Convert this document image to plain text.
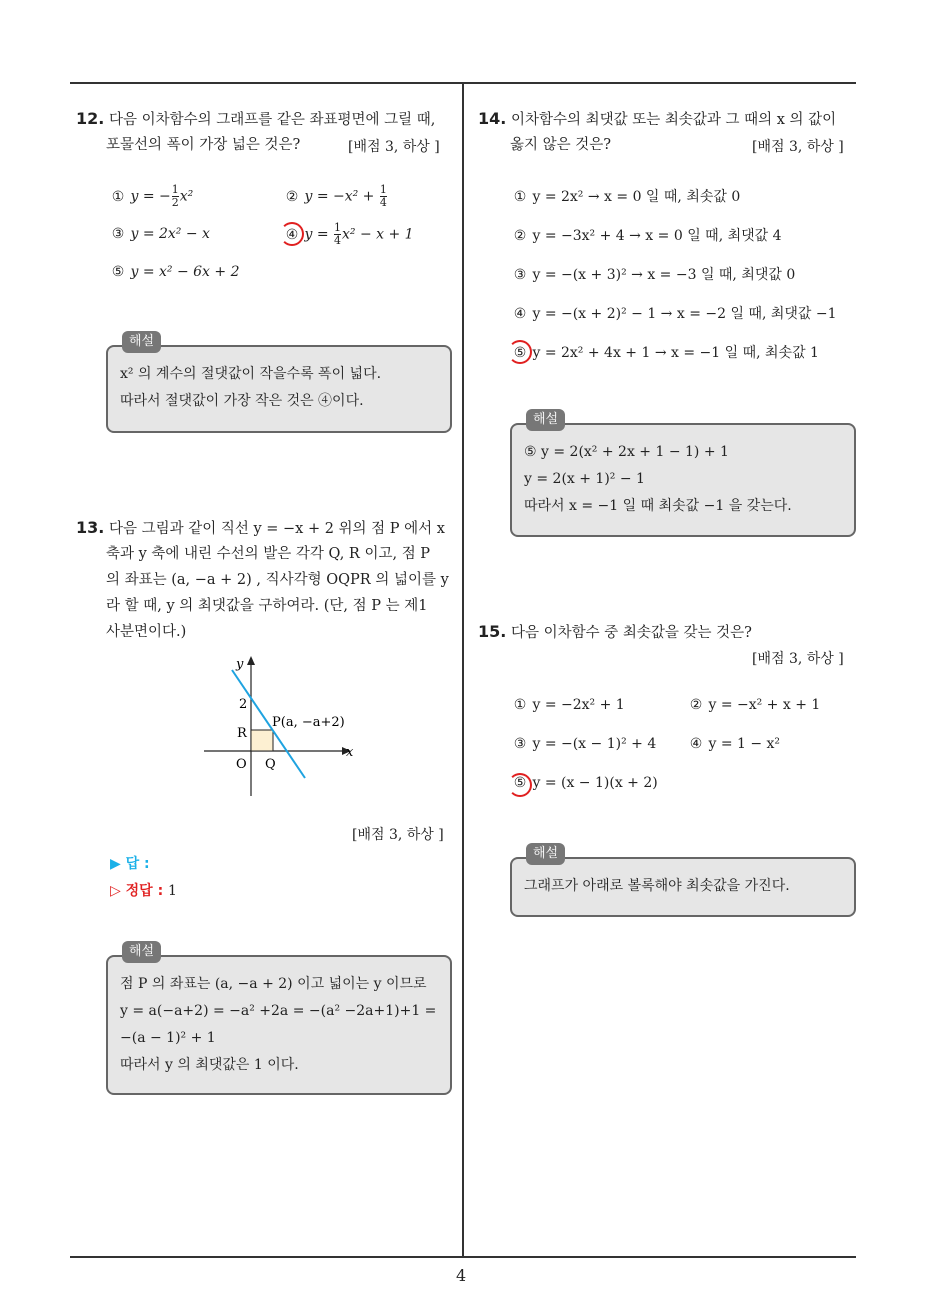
4
12. 다음 이차함수의 그래프를 같은 좌표평면에 그릴 때,
포물선의 폭이 가장 넓은 것은?	[배점 3, 하상 ]
① y = − $\frac{1}{2} x^2$	② $y = -x^2 + \frac{1}{4}$
③ y = 2x² − x	④ $y = \frac{1}{4} x^2 - x + 1$
⑤ y = x² − 6x + 2
해설
x² 의 계수의 절댓값이 작을수록 폭이 넓다.
따라서 절댓값이 가장 작은 것은 ④이다.
13. 다음 그림과 같이 직선 y = −x + 2 위의 점 P 에서 x
축과 y 축에 내린 수선의 발은 각각 Q, R 이고, 점 P
의 좌표는 (a, −a + 2) , 직사각형 OQPR 의 넓이를 y
라 할 때, y 의 최댓값을 구하여라. (단, 점 P 는 제1
사분면이다.)
y
x
2
R
O Q
P(a, −a+2)
[배점 3, 하상 ]
▶ 답 :
▷ 정답 : 1
해설
점 P 의 좌표는 (a, −a + 2) 이고 넓이는 y 이므로
y = a(−a+2) = −a² +2a = −(a² −2a+1)+1 =
−(a − 1)² + 1
따라서 y 의 최댓값은 1 이다.
14. 이차함수의 최댓값 또는 최솟값과 그 때의 x 의 값이
옳지 않은 것은?	[배점 3, 하상 ]
① y = 2x² → x = 0 일 때, 최솟값 0
② y = −3x² + 4 → x = 0 일 때, 최댓값 4
③ y = −(x + 3)² → x = −3 일 때, 최댓값 0
④ y = −(x + 2)² − 1 → x = −2 일 때, 최댓값 −1
⑤ y = 2x² + 4x + 1 → x = −1 일 때, 최솟값 1
해설
⑤ y = 2(x² + 2x + 1 − 1) + 1
y = 2(x + 1)² − 1
따라서 x = −1 일 때 최솟값 −1 을 갖는다.
15. 다음 이차함수 중 최솟값을 갖는 것은?
[배점 3, 하상 ]
① y = −2x² + 1	② y = −x² + x + 1
③ y = −(x − 1)² + 4 ④ y = 1 − x²
⑤ y = (x − 1)(x + 2)
해설
그래프가 아래로 볼록해야 최솟값을 가진다.
